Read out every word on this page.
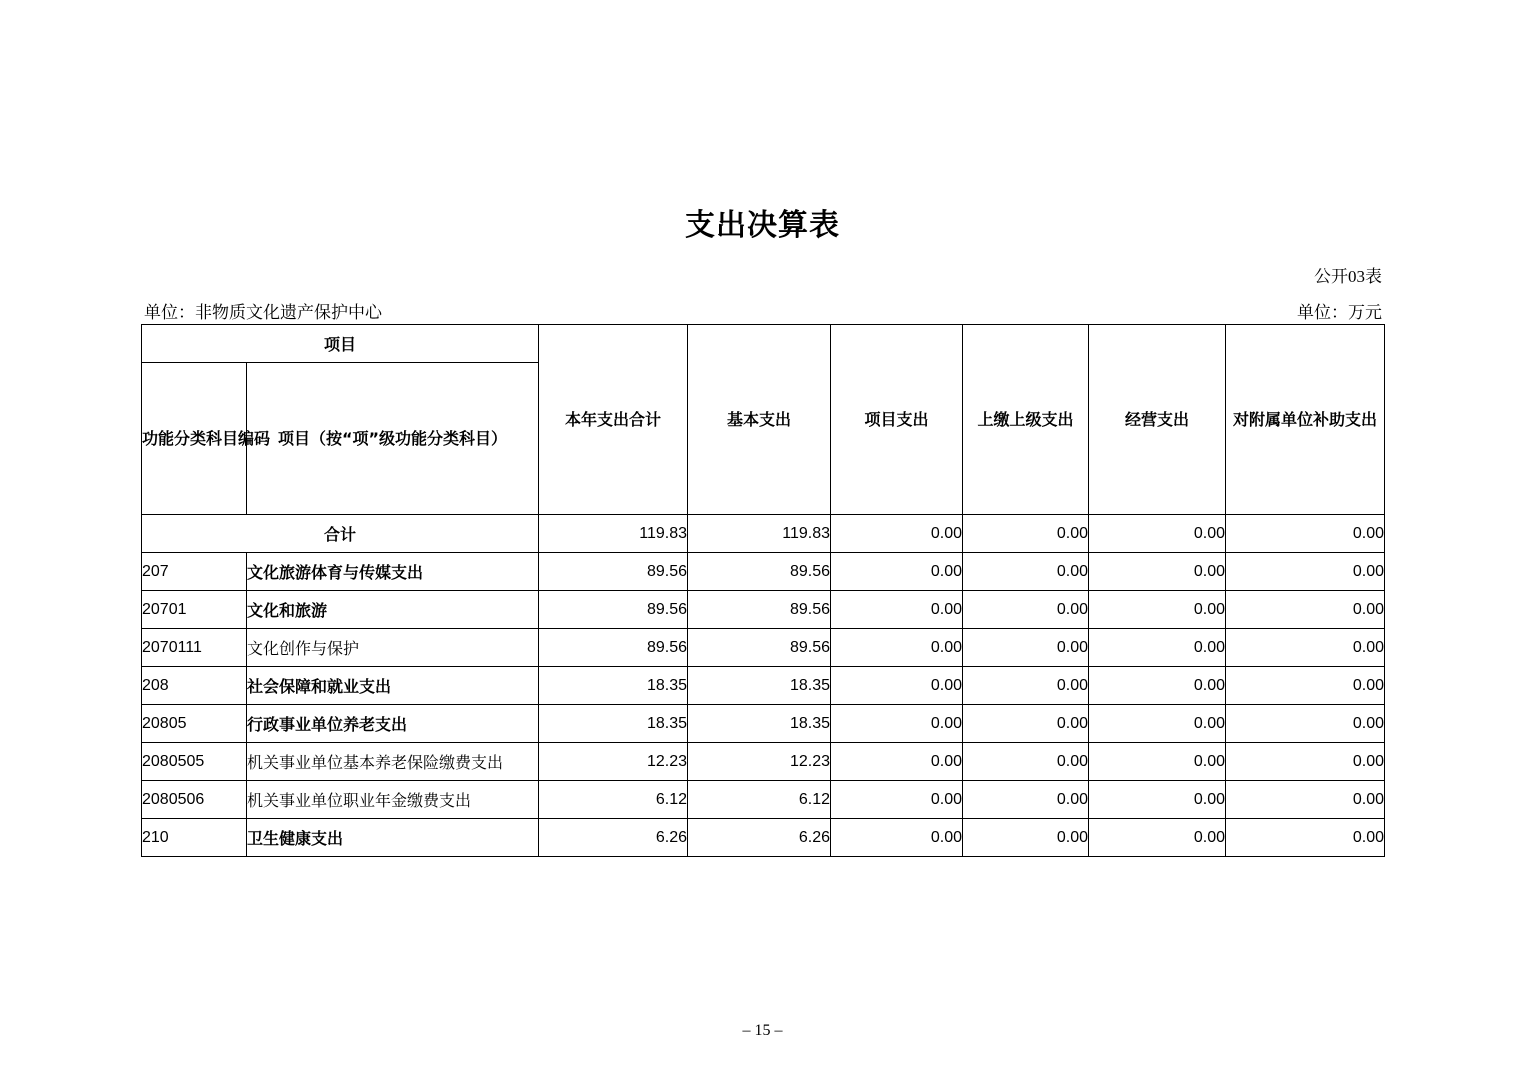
支出决算表
公开03表
单位：非物质文化遗产保护中心	单位：万元
项目		本年支出合计	基本支出	项目支出	上缴上级支出	经营支出	对附属单位补助支出
功能分类科目编码	项目（按“项”级功能分类科目）						
合计		119.83	119.83	0.00	0.00	0.00	0.00
207	文化旅游体育与传媒支出	89.56	89.56	0.00	0.00	0.00	0.00
20701	文化和旅游	89.56	89.56	0.00	0.00	0.00	0.00
2070111	文化创作与保护	89.56	89.56	0.00	0.00	0.00	0.00
208	社会保障和就业支出	18.35	18.35	0.00	0.00	0.00	0.00
20805	行政事业单位养老支出	18.35	18.35	0.00	0.00	0.00	0.00
2080505	机关事业单位基本养老保险缴费支出	12.23	12.23	0.00	0.00	0.00	0.00
2080506	机关事业单位职业年金缴费支出	6.12	6.12	0.00	0.00	0.00	0.00
210	卫生健康支出	6.26	6.26	0.00	0.00	0.00	0.00
– 15 –
